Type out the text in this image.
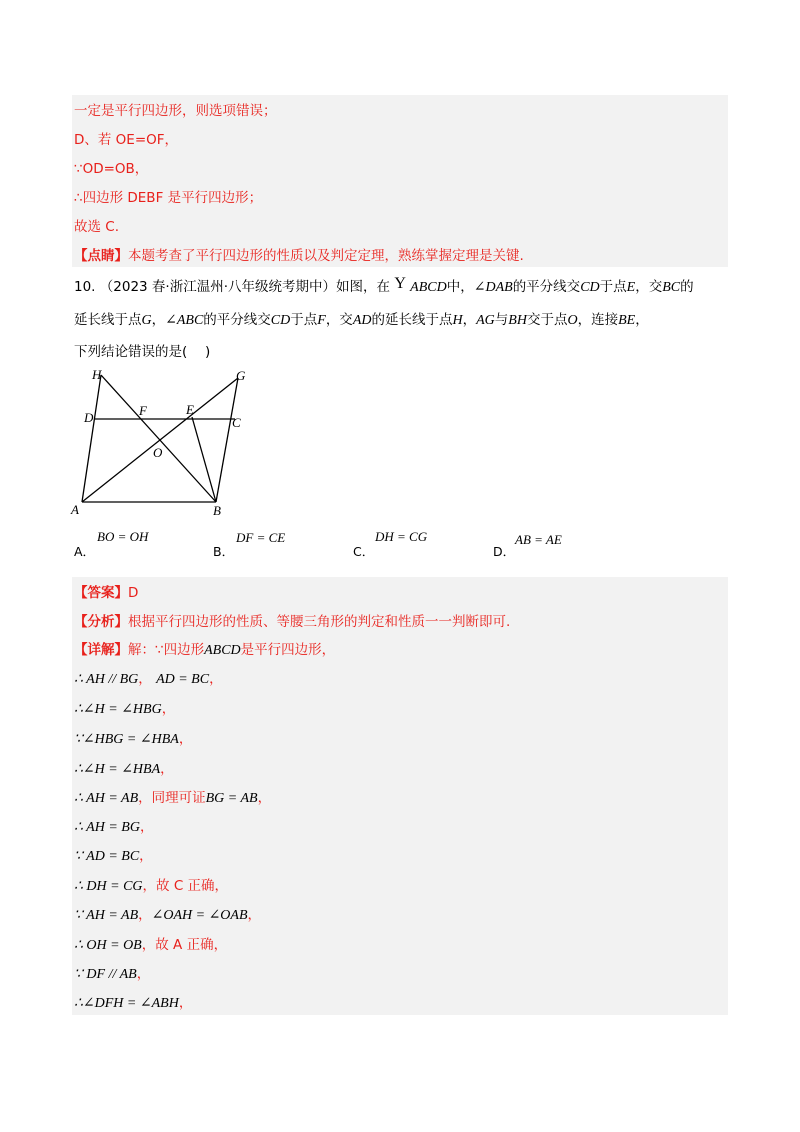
一定是平行四边形，则选项错误；
D、若 OE=OF，
∵OD=OB，
∴四边形 DEBF 是平行四边形；
故选 C.
【点睛】本题考查了平行四边形的性质以及判定定理，熟练掌握定理是关键.
10. （2023 春·浙江温州·八年级统考期中）如图，在 Y ABCD中，∠DAB的平分线交CD于点E，交BC的
延长线于点G，∠ABC的平分线交CD于点F，交AD的延长线于点H，AG与BH交于点O，连接BE，
下列结论错误的是(　 )
H	G
D	F	E
C
O
A	B
A．
BO = OH
B．
DF = CE
C．
DH = CG
D．
AB = AE
【答案】D
【分析】根据平行四边形的性质、等腰三角形的判定和性质一一判断即可.
【详解】解：∵四边形ABCD是平行四边形，
∴ AH // BG， AD = BC，
∴∠H = ∠HBG，
∵∠HBG = ∠HBA，
∴∠H = ∠HBA，
∴ AH = AB，同理可证BG = AB，
∴ AH = BG，
∵ AD = BC，
∴ DH = CG，故 C 正确，
∵ AH = AB，∠OAH = ∠OAB，
∴ OH = OB，故 A 正确，
∵ DF // AB，
∴∠DFH = ∠ABH，
